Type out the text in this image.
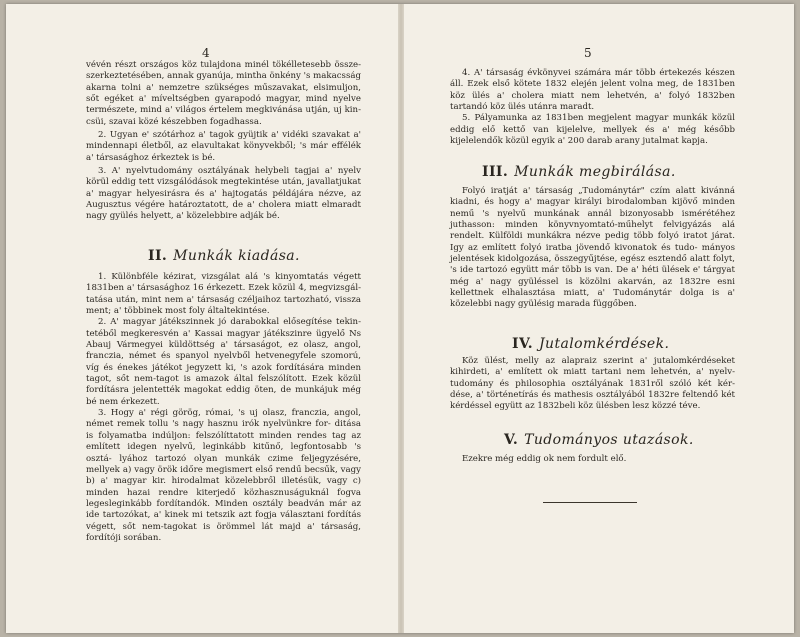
4

vévén részt országos köz tulajdona minél tökélletesebb össze- szerkeztetésében, annak gyanúja, mintha önkény 's makacsság akarna tolni a' nemzetre szükséges műszavakat, elsimuljon, sőt egéket a' míveltségben gyarapodó magyar, mind nyelve természete, mind a' világos értelem megkivánása utján, uj kin- csüi, szavai közé készebben fogadhassa.

2. Ugyan e' szótárhoz a' tagok gyüjtik a' vidéki szavakat a' mindennapi életből, az elavultakat könyvekből; 's már effélék a' társasághoz érkeztek is bé.

3. A' nyelvtudomány osztályának helybeli tagjai a' nyelv körül eddig tett vizsgálódások megtekintése után, javallatjukat a' magyar helyesirásra és a' hajtogatás példájára nézve, az Augusztus végére határoztatott, de a' cholera miatt elmaradt nagy gyülés helyett, a' közelebbire adják bé.

II. Munkák kiadása.

1. Különbféle kézirat, vizsgálat alá 's kinyomtatás végett 1831ben a' társasághoz 16 érkezett. Ezek közül 4, megvizsgál- tatása után, mint nem a' társaság czéljaihoz tartozható, vissza ment; a' többinek most foly általtekintése.

2. A' magyar játékszinnek jó darabokkal elősegítése tekin- tetéből megkeresvén a' Kassai magyar játékszinre ügyelő Ns Abauj Vármegyei küldöttség a' társaságot, ez olasz, angol, franczia, német és spanyol nyelvből hetvenegyfele szomorú, víg és énekes játékot jegyzett ki, 's azok fordítására minden tagot, sőt nem-tagot is amazok által felszólított. Ezek közül fordításra jelentették magokat eddig öten, de munkájuk még bé nem érkezett.

3. Hogy a' régi görög, római, 's uj olasz, franczia, angol, német remek tollu 's nagy hasznu irók nyelvünkre for- ditása is folyamatba indúljon: felszólíttatott minden rendes tag az említett idegen nyelvű, leginkább kitűnő, legfontosabb 's osztá- lyához tartozó olyan munkák czime feljegyzésére, mellyek a) vagy örök időre megismert első rendű becsűk, vagy b) a' magyar kir. hirodalmat közelebbről illetésük, vagy c) minden hazai rendre kiterjedő közhasznuságuknál fogva legesleginkább fordítandók. Minden osztály beadván már az ide tartozókat, a' kinek mi tetszik azt fogja választani fordítás végett, sőt nem-tagokat is örömmel lát majd a' társaság, fordítóji sorában.

5

4. A' társaság évkönyvei számára már több értekezés készen áll. Ezek első kötete 1832 elején jelent volna meg, de 1831ben köz ülés a' cholera miatt nem lehetvén, a' folyó 1832ben tartandó köz ülés utánra maradt.

5. Pályamunka az 1831ben megjelent magyar munkák közül eddig elő kettő van kijelelve, mellyek és a' még később kijelelendők közül egyik a' 200 darab arany jutalmat kapja.

III. Munkák megbirálása.

Folyó iratját a' társaság „Tudománytár" czím alatt kivánná kiadni, és hogy a' magyar királyi birodalomban kijövő minden nemű 's nyelvű munkának annál bizonyosabb ismérétéhez juthasson: minden könyvnyomtató-műhelyt felvigyázás alá rendelt. Külföldi munkákra nézve pedig több folyó iratot járat. Igy az említett folyó iratba jövendő kivonatok és tudo- mányos jelentések kidolgozása, összegyűjtése, egész esztendő alatt folyt, 's ide tartozó együtt már több is van. De a' héti ülések e' tárgyat még a' nagy gyüléssel is közölni akarván, az 1832re esni kellettnek elhalasztása miatt, a' Tudománytár dolga is a' közelebbi nagy gyülésig marada függőben.

IV. Jutalomkérdések.

Köz ülést, melly az alapraiz szerint a' jutalomkérdéseket kihirdeti, a' említett ok miatt tartani nem lehetvén, a' nyelv- tudomány és philosophia osztályának 1831ről szóló két kér- dése, a' történetírás és mathesis osztályából 1832re feltendő két kérdéssel együtt az 1832beli köz ülésben lesz közzé téve.

V. Tudományos utazások.

Ezekre még eddig ok nem fordult elő.
